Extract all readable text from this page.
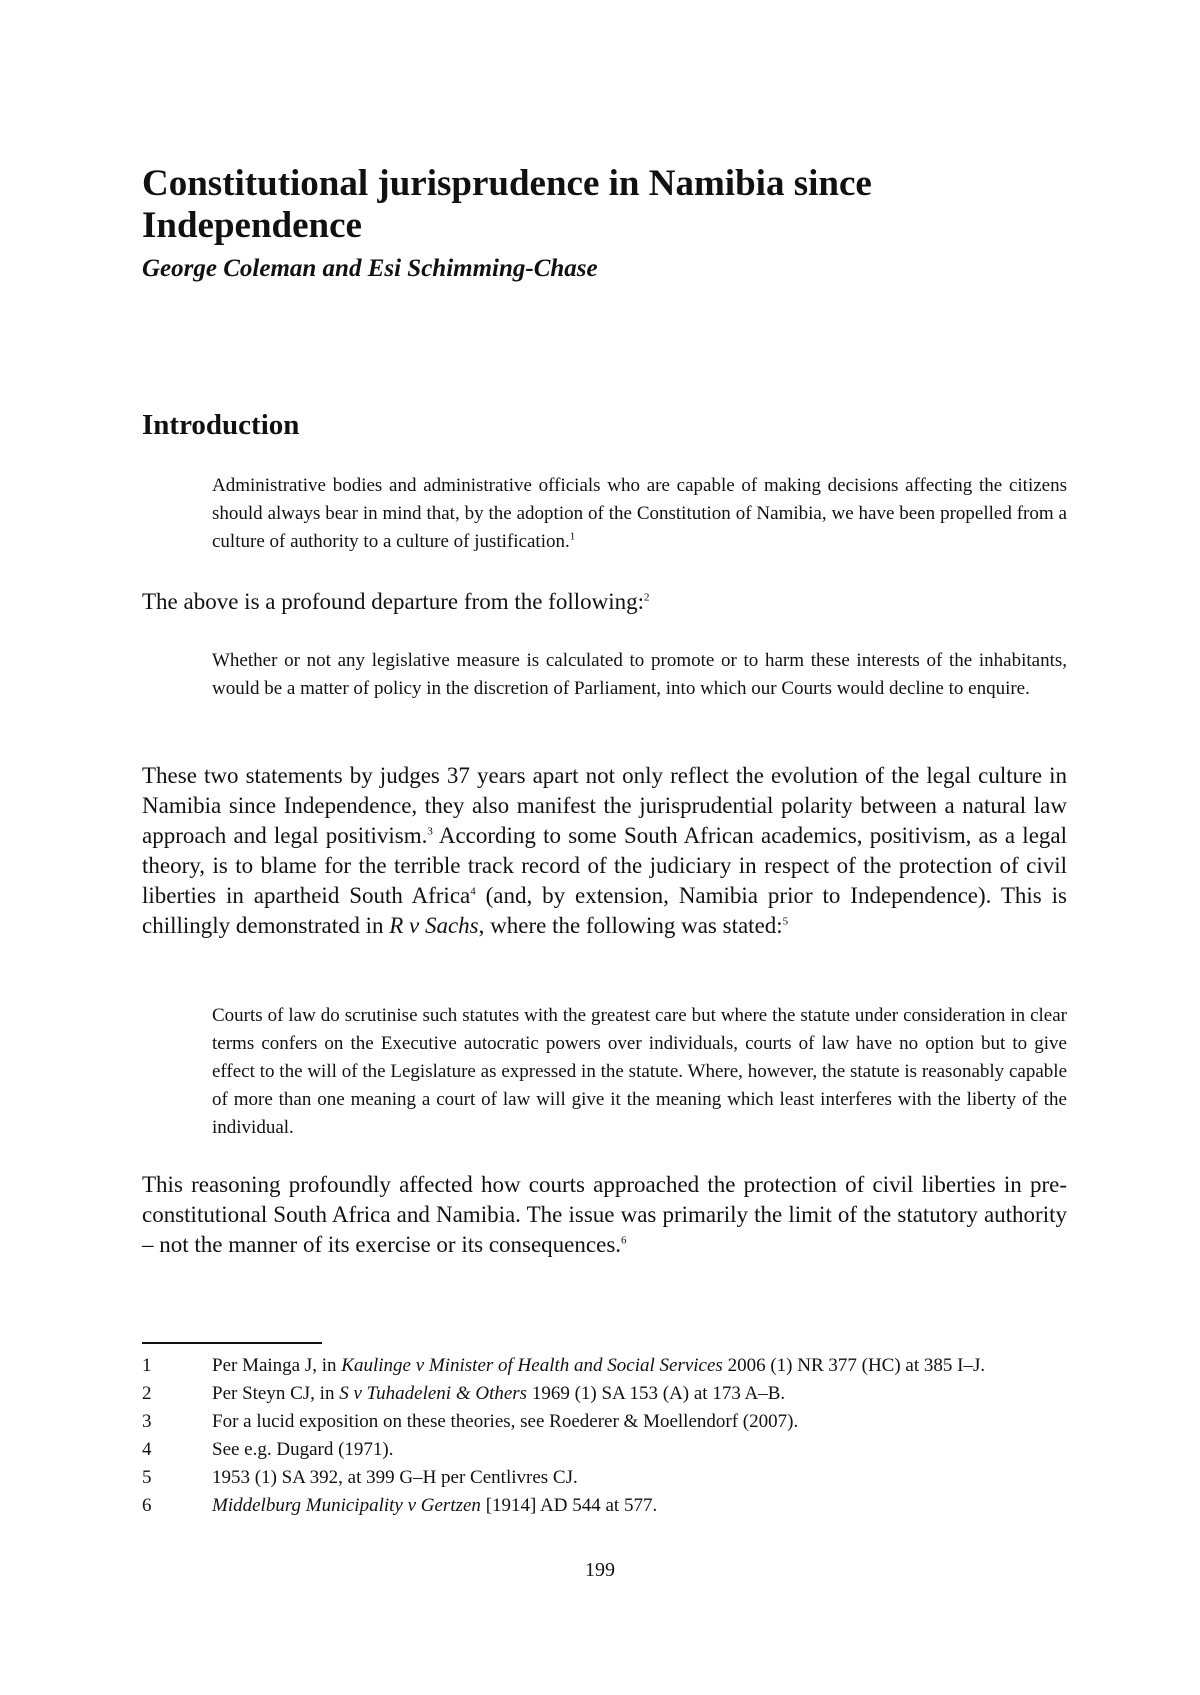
Constitutional jurisprudence in Namibia since Independence

George Coleman and Esi Schimming-Chase

Introduction

Administrative bodies and administrative officials who are capable of making decisions affecting the citizens should always bear in mind that, by the adoption of the Constitution of Namibia, we have been propelled from a culture of authority to a culture of justification.$^1$

The above is a profound departure from the following:$^2$

Whether or not any legislative measure is calculated to promote or to harm these interests of the inhabitants, would be a matter of policy in the discretion of Parliament, into which our Courts would decline to enquire.

These two statements by judges 37 years apart not only reflect the evolution of the legal culture in Namibia since Independence, they also manifest the jurisprudential polarity between a natural law approach and legal positivism.$^3$ According to some South African academics, positivism, as a legal theory, is to blame for the terrible track record of the judiciary in respect of the protection of civil liberties in apartheid South Africa$^4$ (and, by extension, Namibia prior to Independence). This is chillingly demonstrated in R v Sachs, where the following was stated:$^5$

Courts of law do scrutinise such statutes with the greatest care but where the statute under consideration in clear terms confers on the Executive autocratic powers over individuals, courts of law have no option but to give effect to the will of the Legislature as expressed in the statute. Where, however, the statute is reasonably capable of more than one meaning a court of law will give it the meaning which least interferes with the liberty of the individual.

This reasoning profoundly affected how courts approached the protection of civil liberties in pre-constitutional South Africa and Namibia. The issue was primarily the limit of the statutory authority – not the manner of its exercise or its consequences.$^6$

1	Per Mainga J, in Kaulinge v Minister of Health and Social Services 2006 (1) NR 377 (HC) at 385 I–J.
2	Per Steyn CJ, in S v Tuhadeleni & Others 1969 (1) SA 153 (A) at 173 A–B.
3	For a lucid exposition on these theories, see Roederer & Moellendorf (2007).
4	See e.g. Dugard (1971).
5	1953 (1) SA 392, at 399 G–H per Centlivres CJ.
6	Middelburg Municipality v Gertzen [1914] AD 544 at 577.
199
